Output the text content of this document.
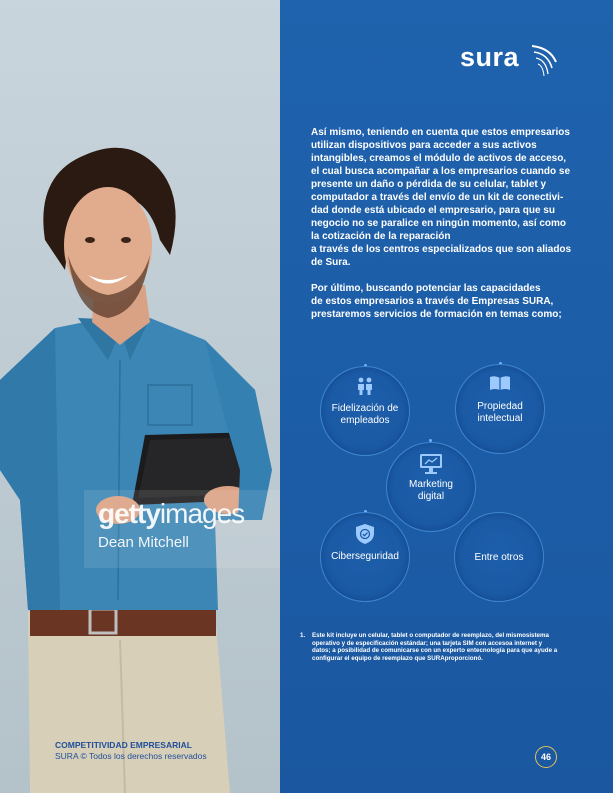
gettyimages
Dean Mitchell
COMPETITIVIDAD EMPRESARIAL
SURA © Todos los derechos reservados
sura

Así mismo, teniendo en cuenta que estos empresarios
utilizan dispositivos para acceder a sus activos
intangibles, creamos el módulo de activos de acceso,
el cual busca acompañar a los empresarios cuando se
presente un daño o pérdida de su celular, tablet y
computador a través del envío de un kit de conectivi-
dad donde está ubicado el empresario, para que su
negocio no se paralice en ningún momento, así como
la cotización de la reparación
a través de los centros especializados que son aliados
de Sura.

Por último, buscando potenciar las capacidades
de estos empresarios a través de Empresas SURA,
prestaremos servicios de formación en temas como;

Fidelización de
empleados
Propiedad
intelectual
Marketing
digital
Ciberseguridad	Entre otros
1. Este kit incluye un celular, tablet o computador de reemplazo, del mismosistema operativo y de especificación estándar; una tarjeta SIM con accesoa internet y datos; a posibilidad de comunicarse con un experto entecnología para que ayude a configurar el equipo de reemplazo que SURAproporcionó.
46
